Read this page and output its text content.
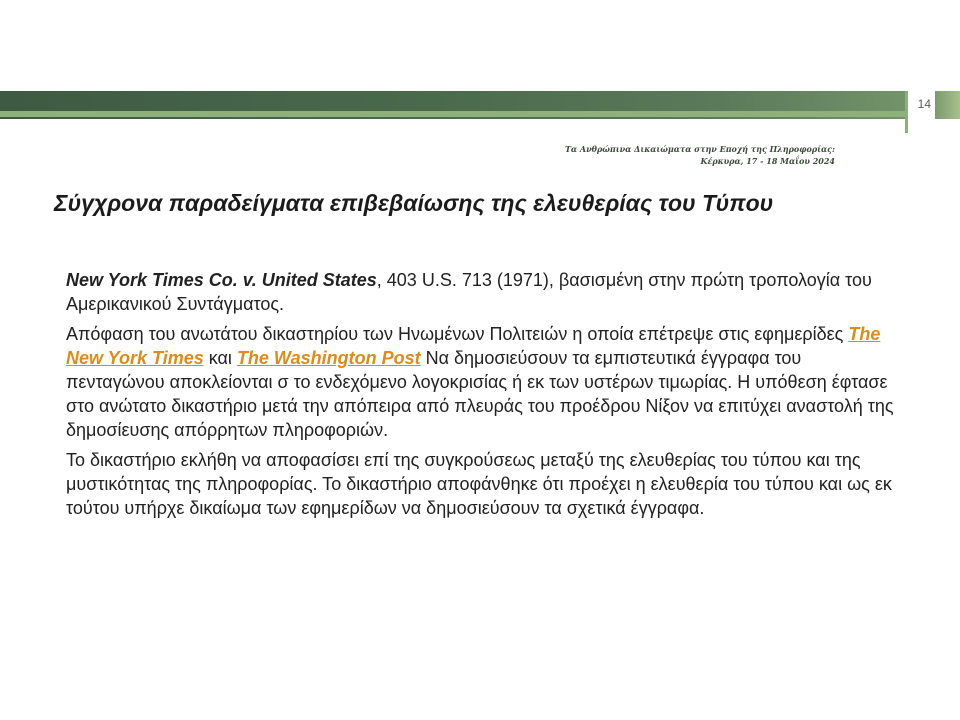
14
Τα Ανθρώπινα Δικαιώματα στην Εποχή της Πληροφορίας:
Κέρκυρα, 17 - 18 Μαΐου 2024
Σύγχρονα παραδείγματα επιβεβαίωσης της ελευθερίας του Τύπου

New York Times Co. v. United States, 403 U.S. 713 (1971), βασισμένη στην πρώτη τροπολογία του Αμερικανικού Συντάγματος.

Απόφαση του ανωτάτου δικαστηρίου των Ηνωμένων Πολιτειών η οποία επέτρεψε στις εφημερίδες The New York Times και The Washington Post Να δημοσιεύσουν τα εμπιστευτικά έγγραφα του πενταγώνου αποκλείονται σ το ενδεχόμενο λογοκρισίας ή εκ των υστέρων τιμωρίας. Η υπόθεση έφτασε στο ανώτατο δικαστήριο μετά την απόπειρα από πλευράς του προέδρου Νίξον να επιτύχει αναστολή της δημοσίευσης απόρρητων πληροφοριών.

Το δικαστήριο εκλήθη να αποφασίσει επί της συγκρούσεως μεταξύ της ελευθερίας του τύπου και της μυστικότητας της πληροφορίας. Το δικαστήριο αποφάνθηκε ότι προέχει η ελευθερία του τύπου και ως εκ τούτου υπήρχε δικαίωμα των εφημερίδων να δημοσιεύσουν τα σχετικά έγγραφα.
